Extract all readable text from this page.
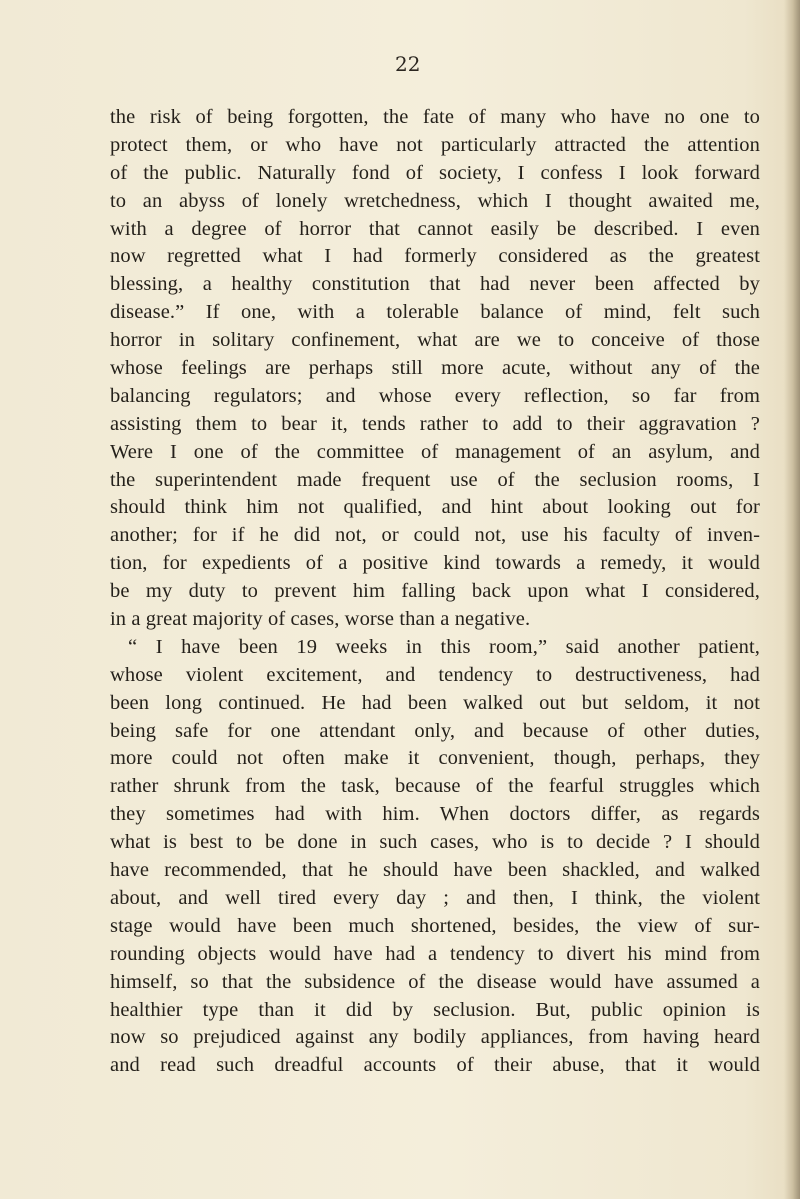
22

the risk of being forgotten, the fate of many who have no one to
protect them, or who have not particularly attracted the attention
of the public. Naturally fond of society, I confess I look forward
to an abyss of lonely wretchedness, which I thought awaited me,
with a degree of horror that cannot easily be described. I even
now regretted what I had formerly considered as the greatest
blessing, a healthy constitution that had never been affected by
disease.” If one, with a tolerable balance of mind, felt such
horror in solitary confinement, what are we to conceive of those
whose feelings are perhaps still more acute, without any of the
balancing regulators; and whose every reflection, so far from
assisting them to bear it, tends rather to add to their aggravation ?
Were I one of the committee of management of an asylum, and
the superintendent made frequent use of the seclusion rooms, I
should think him not qualified, and hint about looking out for
another; for if he did not, or could not, use his faculty of inven-
tion, for expedients of a positive kind towards a remedy, it would
be my duty to prevent him falling back upon what I considered,
in a great majority of cases, worse than a negative.
“ I have been 19 weeks in this room,” said another patient,
whose violent excitement, and tendency to destructiveness, had
been long continued. He had been walked out but seldom, it not
being safe for one attendant only, and because of other duties,
more could not often make it convenient, though, perhaps, they
rather shrunk from the task, because of the fearful struggles which
they sometimes had with him. When doctors differ, as regards
what is best to be done in such cases, who is to decide ? I should
have recommended, that he should have been shackled, and walked
about, and well tired every day ; and then, I think, the violent
stage would have been much shortened, besides, the view of sur-
rounding objects would have had a tendency to divert his mind from
himself, so that the subsidence of the disease would have assumed a
healthier type than it did by seclusion. But, public opinion is
now so prejudiced against any bodily appliances, from having heard
and read such dreadful accounts of their abuse, that it would
